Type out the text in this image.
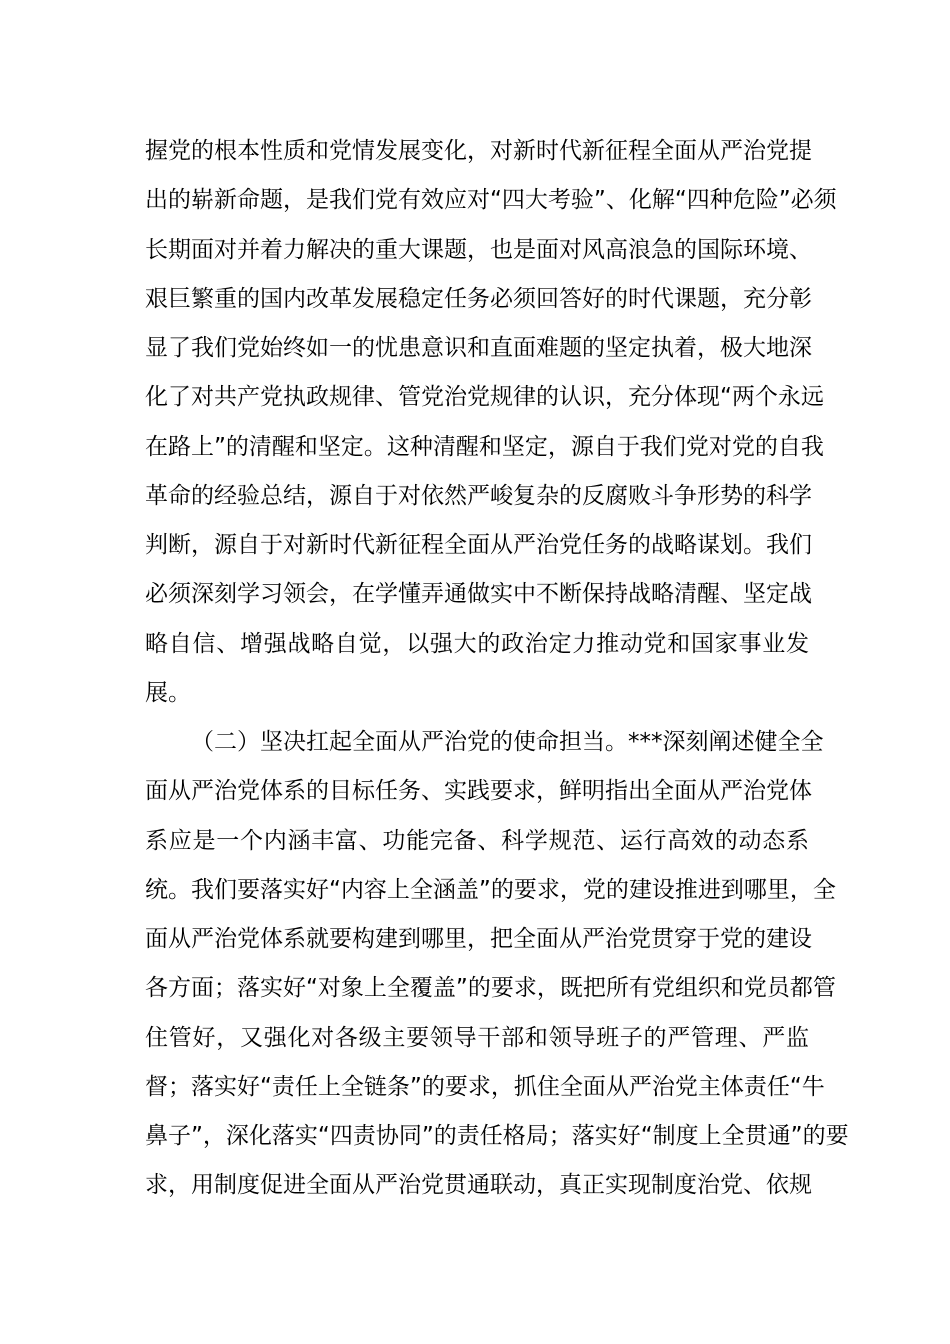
握党的根本性质和党情发展变化，对新时代新征程全面从严治党提
出的崭新命题，是我们党有效应对“四大考验”、化解“四种危险”必须
长期面对并着力解决的重大课题，也是面对风高浪急的国际环境、
艰巨繁重的国内改革发展稳定任务必须回答好的时代课题，充分彰
显了我们党始终如一的忧患意识和直面难题的坚定执着，极大地深
化了对共产党执政规律、管党治党规律的认识，充分体现“两个永远
在路上”的清醒和坚定。这种清醒和坚定，源自于我们党对党的自我
革命的经验总结，源自于对依然严峻复杂的反腐败斗争形势的科学
判断，源自于对新时代新征程全面从严治党任务的战略谋划。我们
必须深刻学习领会，在学懂弄通做实中不断保持战略清醒、坚定战
略自信、增强战略自觉，以强大的政治定力推动党和国家事业发
展。
（二）坚决扛起全面从严治党的使命担当。***深刻阐述健全全
面从严治党体系的目标任务、实践要求，鲜明指出全面从严治党体
系应是一个内涵丰富、功能完备、科学规范、运行高效的动态系
统。我们要落实好“内容上全涵盖”的要求，党的建设推进到哪里，全
面从严治党体系就要构建到哪里，把全面从严治党贯穿于党的建设
各方面；落实好“对象上全覆盖”的要求，既把所有党组织和党员都管
住管好，又强化对各级主要领导干部和领导班子的严管理、严监
督；落实好“责任上全链条”的要求，抓住全面从严治党主体责任“牛
鼻子”，深化落实“四责协同”的责任格局；落实好“制度上全贯通”的要
求，用制度促进全面从严治党贯通联动，真正实现制度治党、依规
